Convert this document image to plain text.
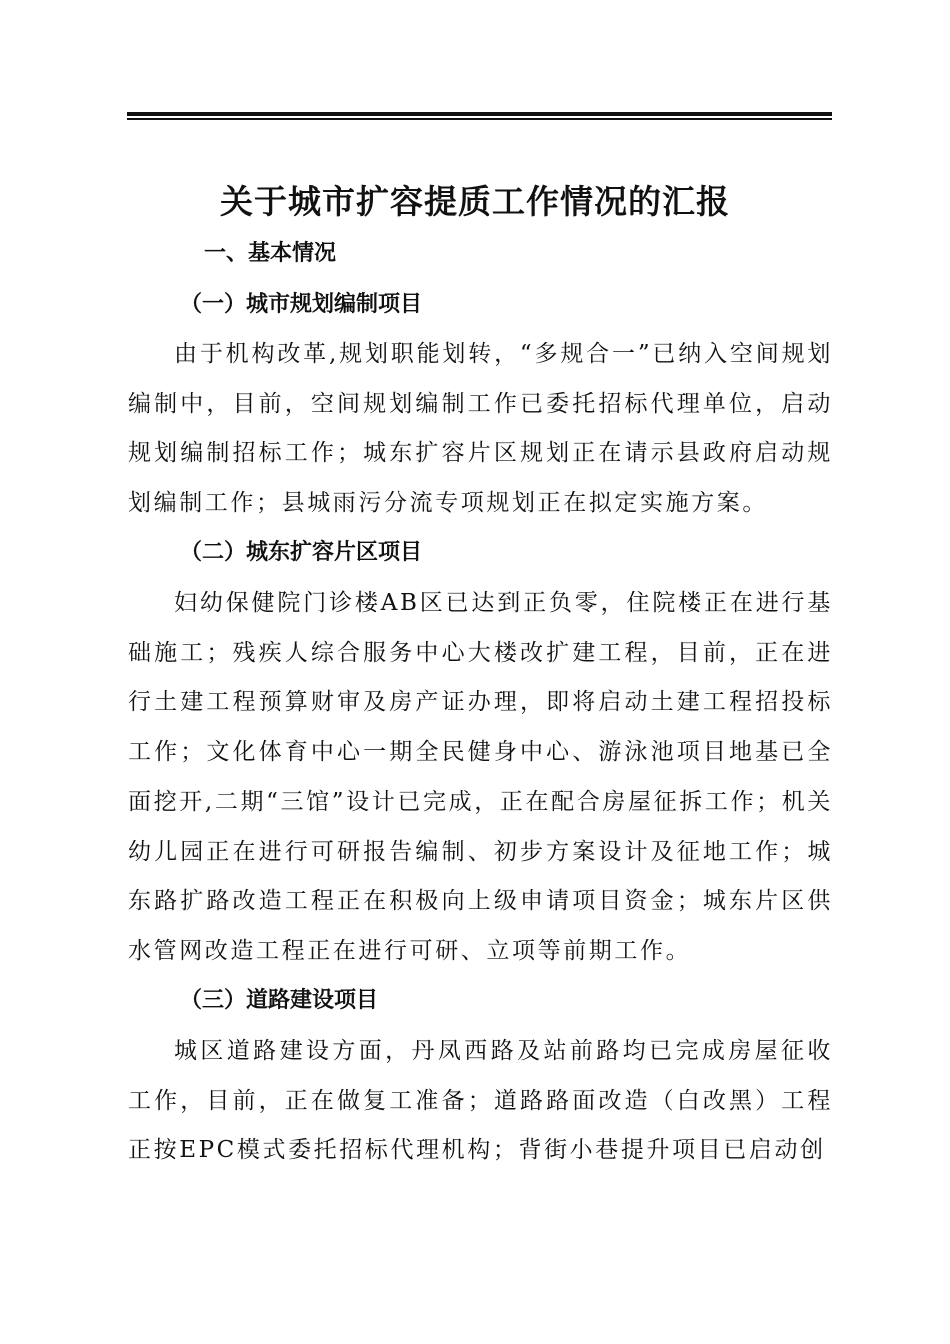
关于城市扩容提质工作情况的汇报
一、基本情况
（一）城市规划编制项目

由于机构改革,规划职能划转，“多规合一”已纳入空间规划编制中，目前，空间规划编制工作已委托招标代理单位，启动规划编制招标工作；城东扩容片区规划正在请示县政府启动规划编制工作；县城雨污分流专项规划正在拟定实施方案。

（二）城东扩容片区项目

妇幼保健院门诊楼AB区已达到正负零，住院楼正在进行基础施工；残疾人综合服务中心大楼改扩建工程，目前，正在进行土建工程预算财审及房产证办理，即将启动土建工程招投标工作；文化体育中心一期全民健身中心、游泳池项目地基已全面挖开,二期“三馆”设计已完成，正在配合房屋征拆工作；机关幼儿园正在进行可研报告编制、初步方案设计及征地工作；城东路扩路改造工程正在积极向上级申请项目资金；城东片区供水管网改造工程正在进行可研、立项等前期工作。

（三）道路建设项目

城区道路建设方面，丹凤西路及站前路均已完成房屋征收工作，目前，正在做复工准备；道路路面改造（白改黑）工程正按EPC模式委托招标代理机构；背街小巷提升项目已启动创
